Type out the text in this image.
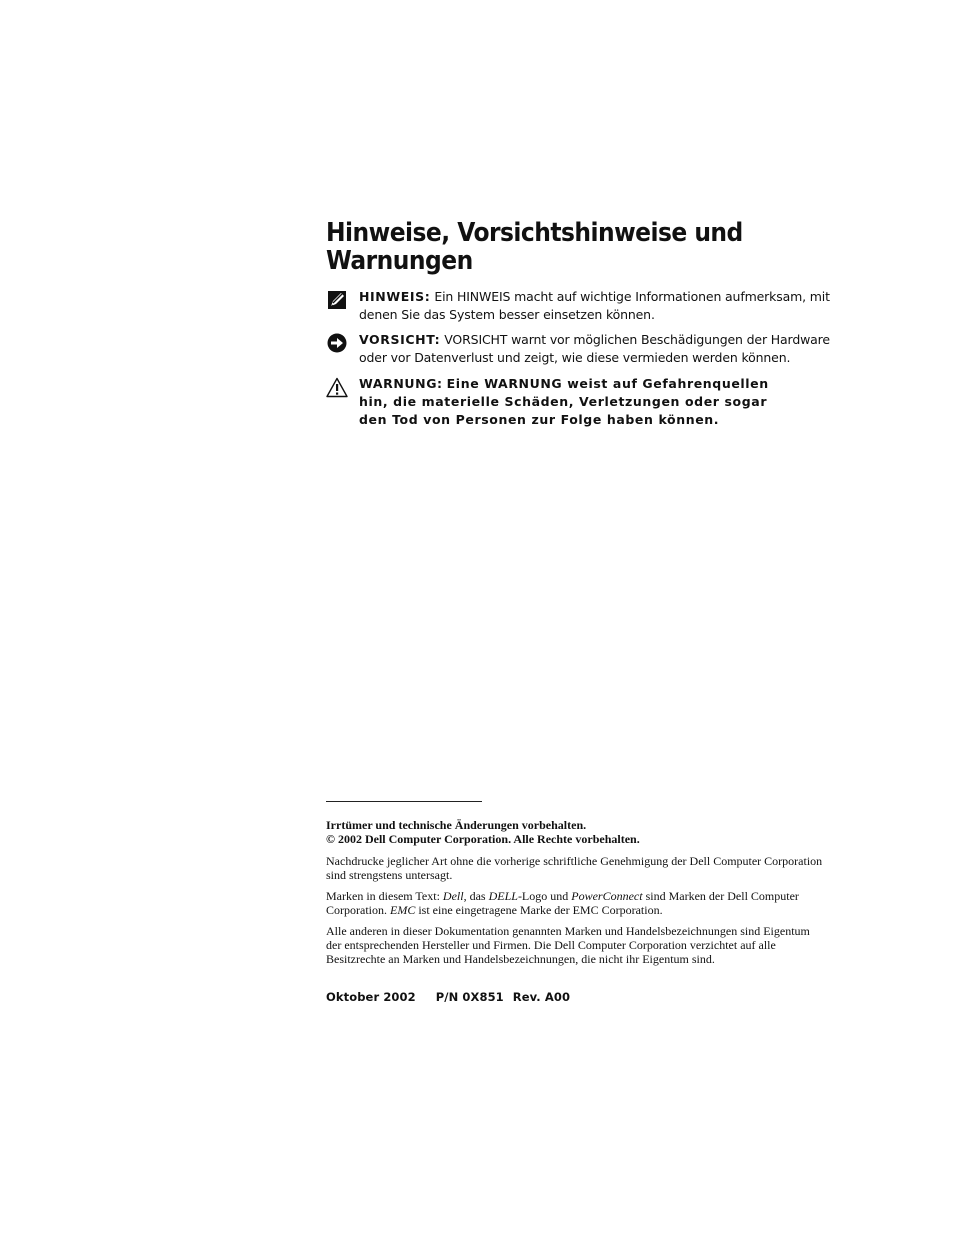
Hinweise, Vorsichtshinweise und Warnungen
HINWEIS: Ein HINWEIS macht auf wichtige Informationen aufmerksam, mit denen Sie das System besser einsetzen können.
VORSICHT: VORSICHT warnt vor möglichen Beschädigungen der Hardware oder vor Datenverlust und zeigt, wie diese vermieden werden können.
WARNUNG: Eine WARNUNG weist auf Gefahrenquellen hin, die materielle Schäden, Verletzungen oder sogar den Tod von Personen zur Folge haben können.

Irrtümer und technische Änderungen vorbehalten.

© 2002 Dell Computer Corporation. Alle Rechte vorbehalten.

Nachdrucke jeglicher Art ohne die vorherige schriftliche Genehmigung der Dell Computer Corporation sind strengstens untersagt.

Marken in diesem Text: Dell, das DELL-Logo und PowerConnect sind Marken der Dell Computer Corporation. EMC ist eine eingetragene Marke der EMC Corporation.

Alle anderen in dieser Dokumentation genannten Marken und Handelsbezeichnungen sind Eigentum der entsprechenden Hersteller und Firmen. Die Dell Computer Corporation verzichtet auf alle Besitzrechte an Marken und Handelsbezeichnungen, die nicht ihr Eigentum sind.

Oktober 2002 P/N 0X851 Rev. A00
